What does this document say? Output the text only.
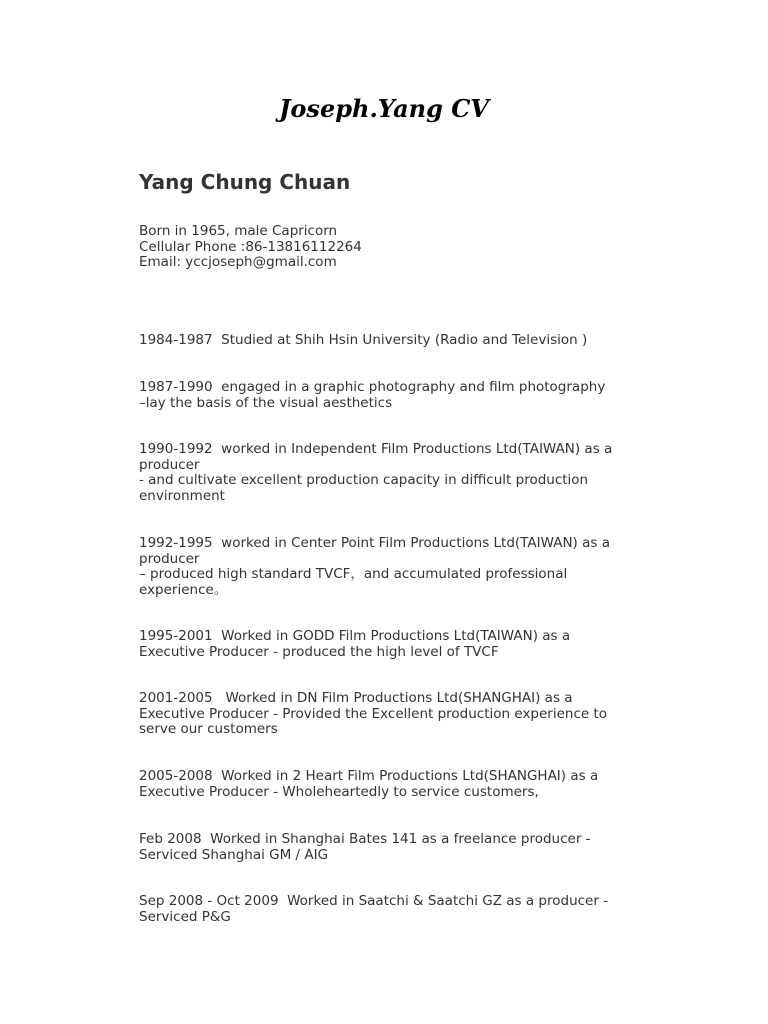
Joseph.Yang CV
Yang Chung Chuan
Born in 1965, male Capricorn
Cellular Phone :86-13816112264
Email: yccjoseph@gmail.com
1984-1987  Studied at Shih Hsin University (Radio and Television )
1987-1990  engaged in a graphic photography and film photography
–lay the basis of the visual aesthetics
1990-1992  worked in Independent Film Productions Ltd(TAIWAN) as a
producer
- and cultivate excellent production capacity in difficult production
environment
1992-1995  worked in Center Point Film Productions Ltd(TAIWAN) as a
producer
– produced high standard TVCF，and accumulated professional
experience。
1995-2001  Worked in GODD Film Productions Ltd(TAIWAN) as a
Executive Producer - produced the high level of TVCF
2001-2005   Worked in DN Film Productions Ltd(SHANGHAI) as a
Executive Producer - Provided the Excellent production experience to
serve our customers
2005-2008  Worked in 2 Heart Film Productions Ltd(SHANGHAI) as a
Executive Producer - Wholeheartedly to service customers,
Feb 2008  Worked in Shanghai Bates 141 as a freelance producer -
Serviced Shanghai GM / AIG
Sep 2008 - Oct 2009  Worked in Saatchi & Saatchi GZ as a producer -
Serviced P&G
